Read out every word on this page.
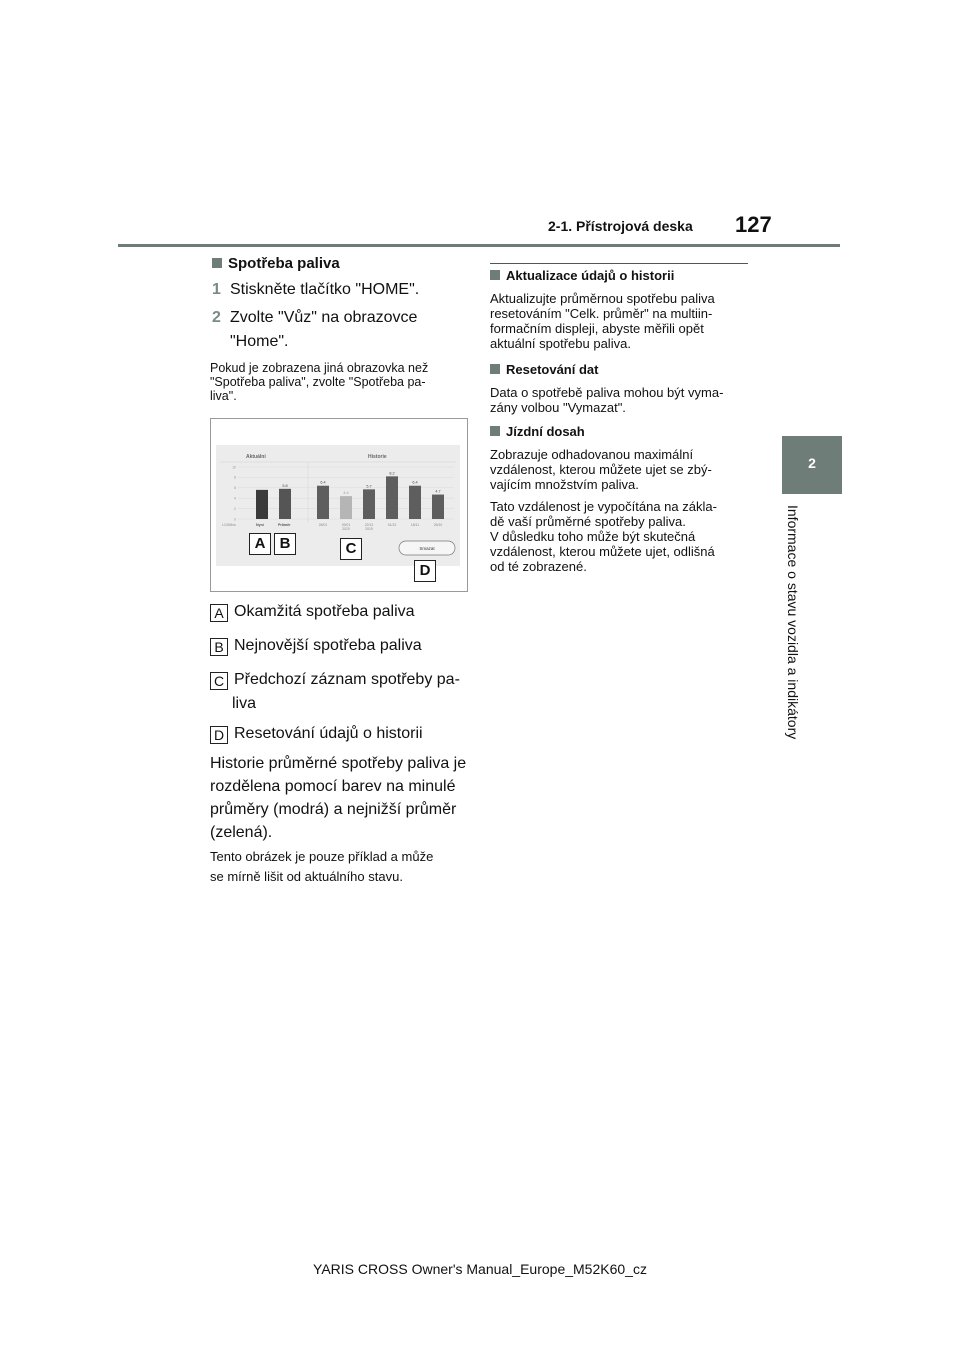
2-1. Přístrojová deska 127
2
Informace o stavu vozidla a indikátory
Spotřeba paliva
1 Stiskněte tlačítko "HOME".
2 Zvolte "Vůz" na obrazovce
"Home".
Pokud je zobrazena jiná obrazovka než
"Spotřeba paliva", zvolte "Spotřeba pa-
liva".
Aktuální	Historie
L/100km	Nyní	Průměr
10
8
6
4
2
0
5.8
6.4
26/01
4.4
09/01
2020
5.7
22/12
2019
8.2
01/12
6.4
18/11
4.7
26/10
Smazat
A B	C
D
A Okamžitá spotřeba paliva
B Nejnovější spotřeba paliva
C Předchozí záznam spotřeby pa-
liva
D Resetování údajů o historii
Historie průměrné spotřeby paliva je
rozdělena pomocí barev na minulé
průměry (modrá) a nejnižší průměr
(zelená).
Tento obrázek je pouze příklad a může
se mírně lišit od aktuálního stavu.
Aktualizace údajů o historii
Aktualizujte průměrnou spotřebu paliva
resetováním "Celk. průměr" na multiin-
formačním displeji, abyste měřili opět
aktuální spotřebu paliva.
Resetování dat
Data o spotřebě paliva mohou být vyma-
zány volbou "Vymazat".
Jízdní dosah
Zobrazuje odhadovanou maximální
vzdálenost, kterou můžete ujet se zbý-
vajícím množstvím paliva.
Tato vzdálenost je vypočítána na zákla-
dě vaší průměrné spotřeby paliva.
V důsledku toho může být skutečná
vzdálenost, kterou můžete ujet, odlišná
od té zobrazené.
YARIS CROSS Owner's Manual_Europe_M52K60_cz
